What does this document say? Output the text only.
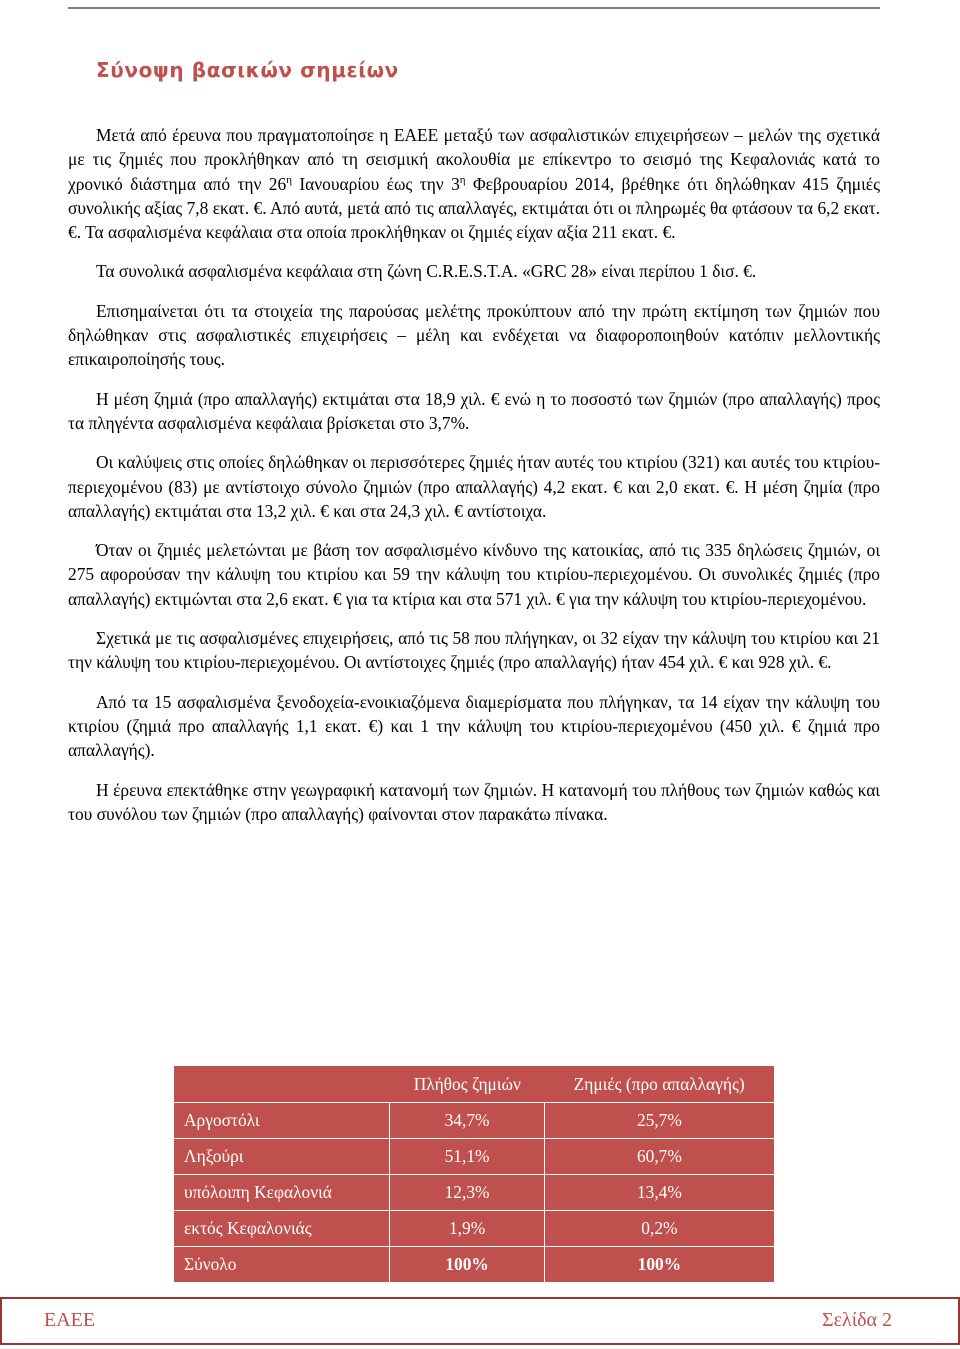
Σύνοψη βασικών σημείων

Μετά από έρευνα που πραγματοποίησε η ΕΑΕΕ μεταξύ των ασφαλιστικών επιχειρήσεων – μελών της σχετικά με τις ζημιές που προκλήθηκαν από τη σεισμική ακολουθία με επίκεντρο το σεισμό της Κεφαλονιάς κατά το χρονικό διάστημα από την $26^\eta$ Ιανουαρίου έως την $3^\eta$ Φεβρουαρίου 2014, βρέθηκε ότι δηλώθηκαν 415 ζημιές συνολικής αξίας 7,8 εκατ. €. Από αυτά, μετά από τις απαλλαγές, εκτιμάται ότι οι πληρωμές θα φτάσουν τα 6,2 εκατ. €. Τα ασφαλισμένα κεφάλαια στα οποία προκλήθηκαν οι ζημιές είχαν αξία 211 εκατ. €.

Τα συνολικά ασφαλισμένα κεφάλαια στη ζώνη C.R.E.S.T.A. «GRC 28» είναι περίπου 1 δισ. €.

Επισημαίνεται ότι τα στοιχεία της παρούσας μελέτης προκύπτουν από την πρώτη εκτίμηση των ζημιών που δηλώθηκαν στις ασφαλιστικές επιχειρήσεις – μέλη και ενδέχεται να διαφοροποιηθούν κατόπιν μελλοντικής επικαιροποίησής τους.

Η μέση ζημιά (προ απαλλαγής) εκτιμάται στα 18,9 χιλ. € ενώ η το ποσοστό των ζημιών (προ απαλλαγής) προς τα πληγέντα ασφαλισμένα κεφάλαια βρίσκεται στο 3,7%.

Οι καλύψεις στις οποίες δηλώθηκαν οι περισσότερες ζημιές ήταν αυτές του κτιρίου (321) και αυτές του κτιρίου-περιεχομένου (83) με αντίστοιχο σύνολο ζημιών (προ απαλλαγής) 4,2 εκατ. € και 2,0 εκατ. €. Η μέση ζημία (προ απαλλαγής) εκτιμάται στα 13,2 χιλ. € και στα 24,3 χιλ. € αντίστοιχα.

Όταν οι ζημιές μελετώνται με βάση τον ασφαλισμένο κίνδυνο της κατοικίας, από τις 335 δηλώσεις ζημιών, οι 275 αφορούσαν την κάλυψη του κτιρίου και 59 την κάλυψη του κτιρίου-περιεχομένου. Οι συνολικές ζημιές (προ απαλλαγής) εκτιμώνται στα 2,6 εκατ. € για τα κτίρια και στα 571 χιλ. € για την κάλυψη του κτιρίου-περιεχομένου.

Σχετικά με τις ασφαλισμένες επιχειρήσεις, από τις 58 που πλήγηκαν, οι 32 είχαν την κάλυψη του κτιρίου και 21 την κάλυψη του κτιρίου-περιεχομένου. Οι αντίστοιχες ζημιές (προ απαλλαγής) ήταν 454 χιλ. € και 928 χιλ. €.

Από τα 15 ασφαλισμένα ξενοδοχεία-ενοικιαζόμενα διαμερίσματα που πλήγηκαν, τα 14 είχαν την κάλυψη του κτιρίου (ζημιά προ απαλλαγής 1,1 εκατ. €) και 1 την κάλυψη του κτιρίου-περιεχομένου (450 χιλ. € ζημιά προ απαλλαγής).

Η έρευνα επεκτάθηκε στην γεωγραφική κατανομή των ζημιών. Η κατανομή του πλήθους των ζημιών καθώς και του συνόλου των ζημιών (προ απαλλαγής) φαίνονται στον παρακάτω πίνακα.

	Πλήθος ζημιών	Ζημιές (προ απαλλαγής)
Αργοστόλι	34,7%	25,7%
Ληξούρι	51,1%	60,7%
υπόλοιπη Κεφαλονιά	12,3%	13,4%
εκτός Κεφαλονιάς	1,9%	0,2%
Σύνολο	100%	100%
ΕΑΕΕ	Σελίδα 2
